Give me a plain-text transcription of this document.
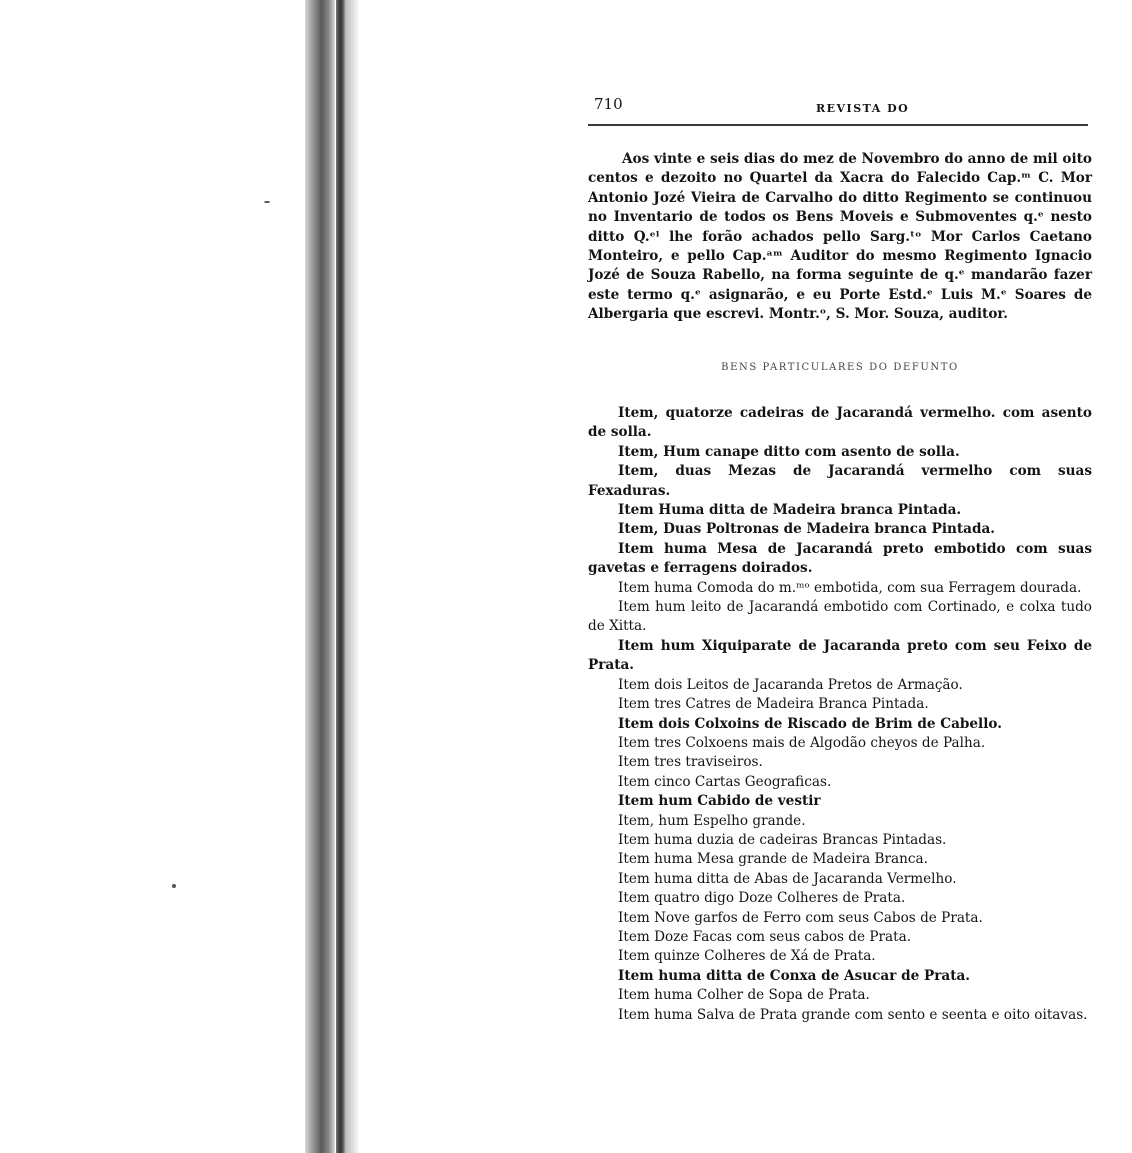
710	REVISTA DO

Aos vinte e seis dias do mez de Novembro do anno de mil oito centos e dezoito no Quartel da Xacra do Falecido Cap.ᵐ C. Mor Antonio Jozé Vieira de Carvalho do ditto Regimento se continuou no Inventario de todos os Bens Moveis e Submoventes q.ᵉ nesto ditto Q.ᵉˡ lhe forão achados pello Sarg.ᵗᵒ Mor Carlos Caetano Monteiro, e pello Cap.ᵃᵐ Auditor do mesmo Regimento Ignacio Jozé de Souza Rabello, na forma seguinte de q.ᵉ mandarão fazer este termo q.ᵉ asignarão, e eu Porte Estd.ᵉ Luis M.ᵉ Soares de Albergaria que escrevi. Montr.ᵒ, S. Mor. Souza, auditor.

BENS PARTICULARES DO DEFUNTO
Item, quatorze cadeiras de Jacarandá vermelho. com asento de solla.
Item, Hum canape ditto com asento de solla.
Item, duas Mezas de Jacarandá vermelho com suas Fexaduras.
Item Huma ditta de Madeira branca Pintada.
Item, Duas Poltronas de Madeira branca Pintada.
Item huma Mesa de Jacarandá preto embotido com suas gavetas e ferragens doirados.
Item huma Comoda do m.ᵐᵒ embotida, com sua Ferragem dourada.
Item hum leito de Jacarandá embotido com Cortinado, e colxa tudo de Xitta.
Item hum Xiquiparate de Jacaranda preto com seu Feixo de Prata.
Item dois Leitos de Jacaranda Pretos de Armação.
Item tres Catres de Madeira Branca Pintada.
Item dois Colxoins de Riscado de Brim de Cabello.
Item tres Colxoens mais de Algodão cheyos de Palha.
Item tres traviseiros.
Item cinco Cartas Geograficas.
Item hum Cabido de vestir
Item, hum Espelho grande.
Item huma duzia de cadeiras Brancas Pintadas.
Item huma Mesa grande de Madeira Branca.
Item huma ditta de Abas de Jacaranda Vermelho.
Item quatro digo Doze Colheres de Prata.
Item Nove garfos de Ferro com seus Cabos de Prata.
Item Doze Facas com seus cabos de Prata.
Item quinze Colheres de Xá de Prata.
Item huma ditta de Conxa de Asucar de Prata.
Item huma Colher de Sopa de Prata.
Item huma Salva de Prata grande com sento e seenta e oito oitavas.
